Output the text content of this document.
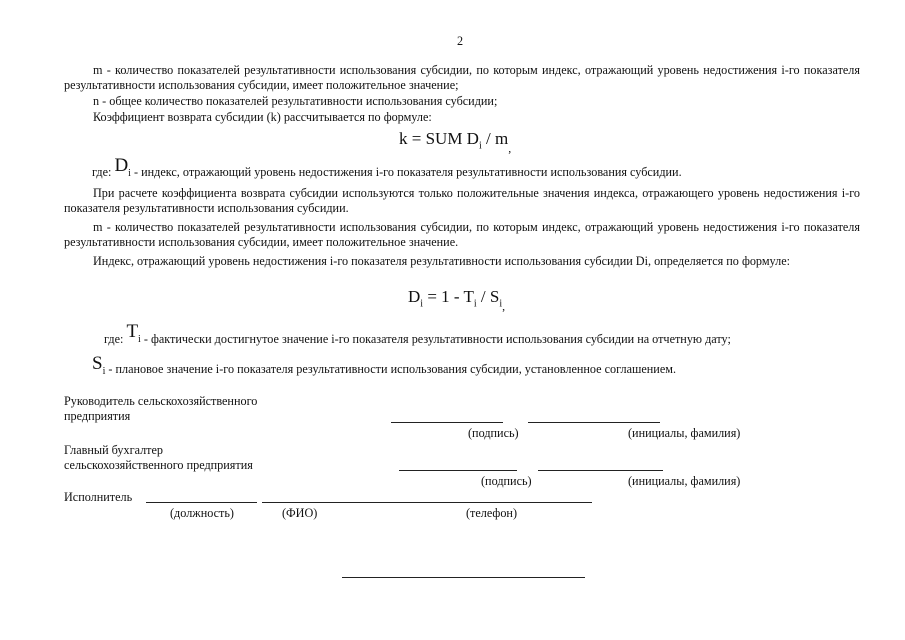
2
m - количество показателей результативности использования субсидии, по которым индекс, отражающий уровень недостижения i-го показателя результативности использования субсидии, имеет положительное значение;
n - общее количество показателей результативности использования субсидии;
Коэффициент возврата субсидии (k) рассчитывается по формуле:
k = SUM $D_i / m_,$
где: $D_i$ - индекс, отражающий уровень недостижения i-го показателя результативности использования субсидии.
При расчете коэффициента возврата субсидии используются только положительные значения индекса, отражающего уровень недостижения i-го показателя результативности использования субсидии.
m - количество показателей результативности использования субсидии, по которым индекс, отражающий уровень недостижения i-го показателя результативности использования субсидии, имеет положительное значение.
Индекс, отражающий уровень недостижения i-го показателя результативности использования субсидии Di, определяется по формуле:
$D_i = 1 - T_i / S_{i,}$
где: $T_i$ - фактически достигнутое значение i-го показателя результативности использования субсидии на отчетную дату;
$S_i$ - плановое значение i-го показателя результативности использования субсидии, установленное соглашением.
Руководитель сельскохозяйственного
предприятия
(подпись)	(инициалы, фамилия)
Главный бухгалтер
сельскохозяйственного предприятия
(подпись)	(инициалы, фамилия)
Исполнитель
(должность)	(ФИО)	(телефон)
